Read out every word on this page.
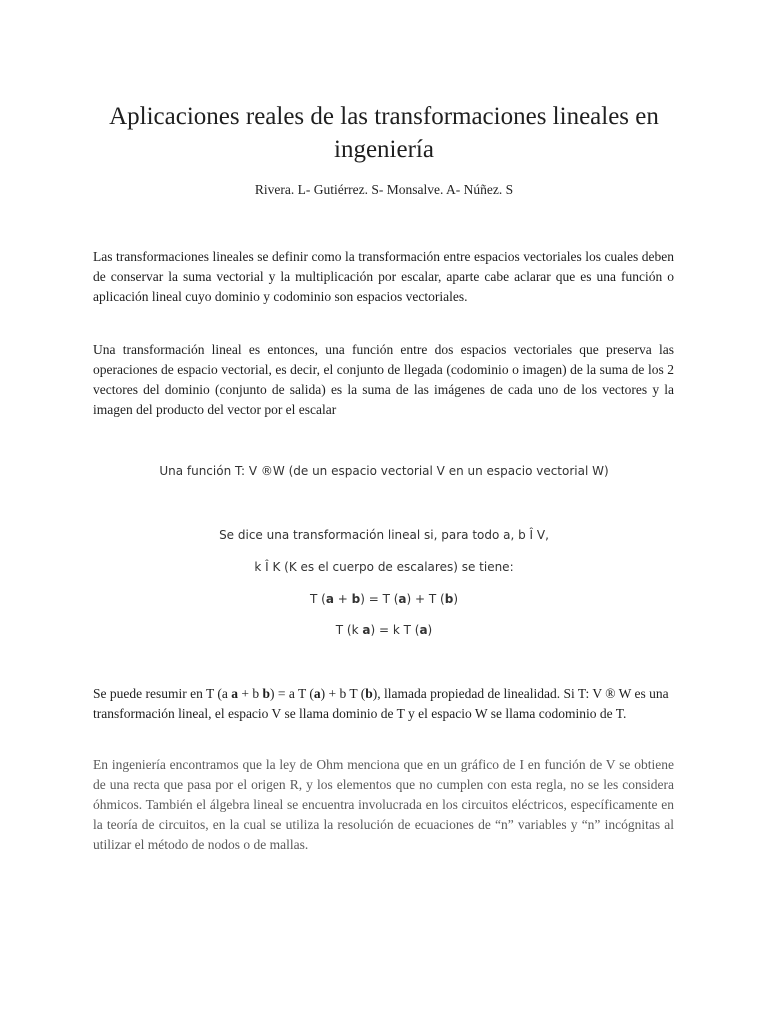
Aplicaciones reales de las transformaciones lineales en ingeniería
Rivera. L- Gutiérrez. S- Monsalve. A- Núñez. S

Las transformaciones lineales se definir como la transformación entre espacios vectoriales los cuales deben de conservar la suma vectorial y la multiplicación por escalar, aparte cabe aclarar que es una función o aplicación lineal cuyo dominio y codominio son espacios vectoriales.

Una transformación lineal es entonces, una función entre dos espacios vectoriales que preserva las operaciones de espacio vectorial, es decir, el conjunto de llegada (codominio o imagen) de la suma de los 2 vectores del dominio (conjunto de salida) es la suma de las imágenes de cada uno de los vectores y la imagen del producto del vector por el escalar

Una función T: V ®W (de un espacio vectorial V en un espacio vectorial W)
Se dice una transformación lineal si, para todo a, b Î V,
k Î K (K es el cuerpo de escalares) se tiene:
T (a + b) = T (a) + T (b)
T (k a) = k T (a)

Se puede resumir en T (a a + b b) = a T (a) + b T (b), llamada propiedad de linealidad. Si T: V ® W es una transformación lineal, el espacio V se llama dominio de T y el espacio W se llama codominio de T.

En ingeniería encontramos que la ley de Ohm menciona que en un gráfico de I en función de V se obtiene de una recta que pasa por el origen R, y los elementos que no cumplen con esta regla, no se les considera óhmicos. También el álgebra lineal se encuentra involucrada en los circuitos eléctricos, específicamente en la teoría de circuitos, en la cual se utiliza la resolución de ecuaciones de “n” variables y “n” incógnitas al utilizar el método de nodos o de mallas.
